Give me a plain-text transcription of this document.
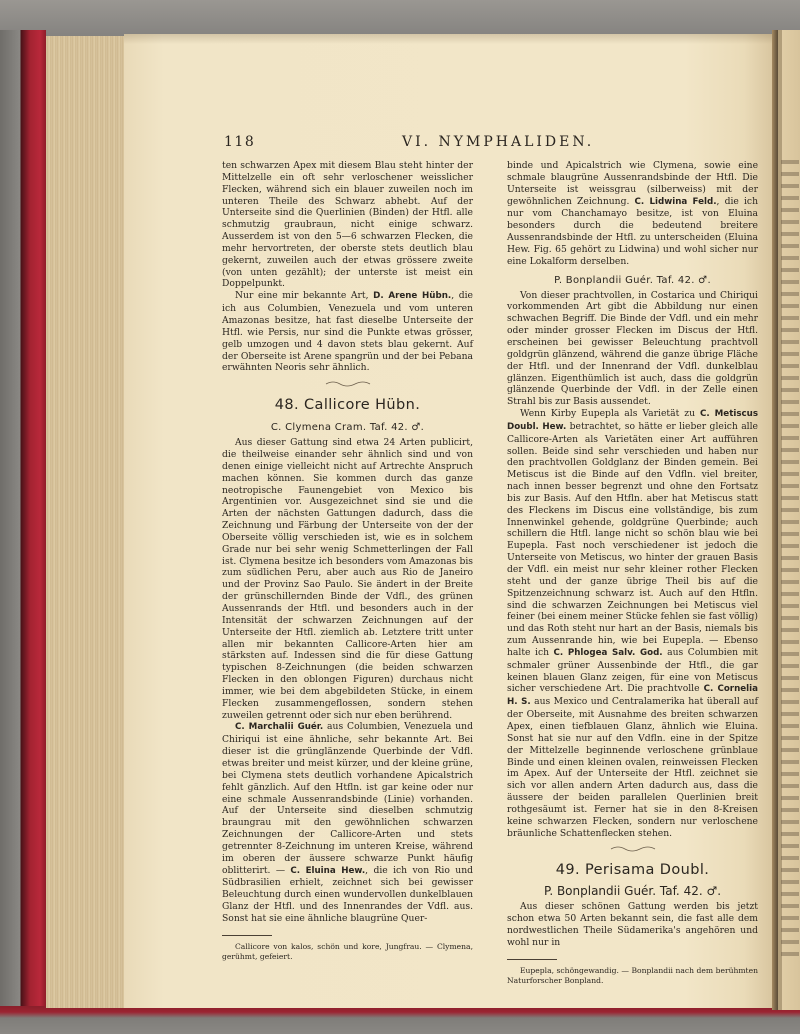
118	VI. NYMPHALIDEN.

ten schwarzen Apex mit diesem Blau steht hinter der Mittelzelle ein oft sehr verloschener weisslicher Flecken, während sich ein blauer zuweilen noch im unteren Theile des Schwarz abhebt. Auf der Unterseite sind die Querlinien (Binden) der Htfl. alle schmutzig graubraun, nicht einige schwarz. Ausserdem ist von den 5—6 schwarzen Flecken, die mehr hervortreten, der oberste stets deutlich blau gekernt, zuweilen auch der etwas grössere zweite (von unten gezählt); der unterste ist meist ein Doppelpunkt.

Nur eine mir bekannte Art, D. Arene Hübn., die ich aus Columbien, Venezuela und vom unteren Amazonas besitze, hat fast dieselbe Unterseite der Htfl. wie Persis, nur sind die Punkte etwas grösser, gelb umzogen und 4 davon stets blau gekernt. Auf der Oberseite ist Arene spangrün und der bei Pebana erwähnten Neoris sehr ähnlich.

48. Callicore Hübn.
C. Clymena Cram. Taf. 42. ♂.

Aus dieser Gattung sind etwa 24 Arten publicirt, die theilweise einander sehr ähnlich sind und von denen einige vielleicht nicht auf Artrechte Anspruch machen können. Sie kommen durch das ganze neotropische Faunengebiet von Mexico bis Argentinien vor. Ausgezeichnet sind sie und die Arten der nächsten Gattungen dadurch, dass die Zeichnung und Färbung der Unterseite von der der Oberseite völlig verschieden ist, wie es in solchem Grade nur bei sehr wenig Schmetterlingen der Fall ist. Clymena besitze ich besonders vom Amazonas bis zum südlichen Peru, aber auch aus Rio de Janeiro und der Provinz Sao Paulo. Sie ändert in der Breite der grünschillernden Binde der Vdfl., des grünen Aussenrands der Htfl. und besonders auch in der Intensität der schwarzen Zeichnungen auf der Unterseite der Htfl. ziemlich ab. Letztere tritt unter allen mir bekannten Callicore-Arten hier am stärksten auf. Indessen sind die für diese Gattung typischen 8-Zeichnungen (die beiden schwarzen Flecken in den oblongen Figuren) durchaus nicht immer, wie bei dem abgebildeten Stücke, in einem Flecken zusammengeflossen, sondern stehen zuweilen getrennt oder sich nur eben berührend.

C. Marchalii Guér. aus Columbien, Venezuela und Chiriqui ist eine ähnliche, sehr bekannte Art. Bei dieser ist die grünglänzende Querbinde der Vdfl. etwas breiter und meist kürzer, und der kleine grüne, bei Clymena stets deutlich vorhandene Apicalstrich fehlt gänzlich. Auf den Htfln. ist gar keine oder nur eine schmale Aussenrandsbinde (Linie) vorhanden. Auf der Unterseite sind dieselben schmutzig braungrau mit den gewöhnlichen schwarzen Zeichnungen der Callicore-Arten und stets getrennter 8-Zeichnung im unteren Kreise, während im oberen der äussere schwarze Punkt häufig oblitterirt. — C. Eluina Hew., die ich von Rio und Südbrasilien erhielt, zeichnet sich bei gewisser Beleuchtung durch einen wundervollen dunkelblauen Glanz der Htfl. und des Innenrandes der Vdfl. aus. Sonst hat sie eine ähnliche blaugrüne Quer-

Callicore von kalos, schön und kore, Jungfrau. — Clymena, gerühmt, gefeiert.

binde und Apicalstrich wie Clymena, sowie eine schmale blaugrüne Aussenrandsbinde der Htfl. Die Unterseite ist weissgrau (silberweiss) mit der gewöhnlichen Zeichnung. C. Lidwina Feld., die ich nur vom Chanchamayo besitze, ist von Eluina besonders durch die bedeutend breitere Aussenrandsbinde der Htfl. zu unterscheiden (Eluina Hew. Fig. 65 gehört zu Lidwina) und wohl sicher nur eine Lokalform derselben.

P. Bonplandii Guér. Taf. 42. ♂.

Von dieser prachtvollen, in Costarica und Chiriqui vorkommenden Art gibt die Abbildung nur einen schwachen Begriff. Die Binde der Vdfl. und ein mehr oder minder grosser Flecken im Discus der Htfl. erscheinen bei gewisser Beleuchtung prachtvoll goldgrün glänzend, während die ganze übrige Fläche der Htfl. und der Innenrand der Vdfl. dunkelblau glänzen. Eigenthümlich ist auch, dass die goldgrün glänzende Querbinde der Vdfl. in der Zelle einen Strahl bis zur Basis aussendet.

Wenn Kirby Eupepla als Varietät zu C. Metiscus Doubl. Hew. betrachtet, so hätte er lieber gleich alle Callicore-Arten als Varietäten einer Art aufführen sollen. Beide sind sehr verschieden und haben nur den prachtvollen Goldglanz der Binden gemein. Bei Metiscus ist die Binde auf den Vdfln. viel breiter, nach innen besser begrenzt und ohne den Fortsatz bis zur Basis. Auf den Htfln. aber hat Metiscus statt des Fleckens im Discus eine vollständige, bis zum Innenwinkel gehende, goldgrüne Querbinde; auch schillern die Htfl. lange nicht so schön blau wie bei Eupepla. Fast noch verschiedener ist jedoch die Unterseite von Metiscus, wo hinter der grauen Basis der Vdfl. ein meist nur sehr kleiner rother Flecken steht und der ganze übrige Theil bis auf die Spitzenzeichnung schwarz ist. Auch auf den Htfln. sind die schwarzen Zeichnungen bei Metiscus viel feiner (bei einem meiner Stücke fehlen sie fast völlig) und das Roth steht nur hart an der Basis, niemals bis zum Aussenrande hin, wie bei Eupepla. — Ebenso halte ich C. Phlogea Salv. God. aus Columbien mit schmaler grüner Aussenbinde der Htfl., die gar keinen blauen Glanz zeigen, für eine von Metiscus sicher verschiedene Art. Die prachtvolle C. Cornelia H. S. aus Mexico und Centralamerika hat überall auf der Oberseite, mit Ausnahme des breiten schwarzen Apex, einen tiefblauen Glanz, ähnlich wie Eluina. Sonst hat sie nur auf den Vdfln. eine in der Spitze der Mittelzelle beginnende verloschene grünblaue Binde und einen kleinen ovalen, reinweissen Flecken im Apex. Auf der Unterseite der Htfl. zeichnet sie sich vor allen andern Arten dadurch aus, dass die äussere der beiden parallelen Querlinien breit rothgesäumt ist. Ferner hat sie in den 8-Kreisen keine schwarzen Flecken, sondern nur verloschene bräunliche Schattenflecken stehen.

49. Perisama Doubl.
P. Bonplandii Guér. Taf. 42. ♂.

Aus dieser schönen Gattung werden bis jetzt schon etwa 50 Arten bekannt sein, die fast alle dem nordwestlichen Theile Südamerika's angehören und wohl nur in

Eupepla, schöngewandig. — Bonplandii nach dem berühmten Naturforscher Bonpland.
